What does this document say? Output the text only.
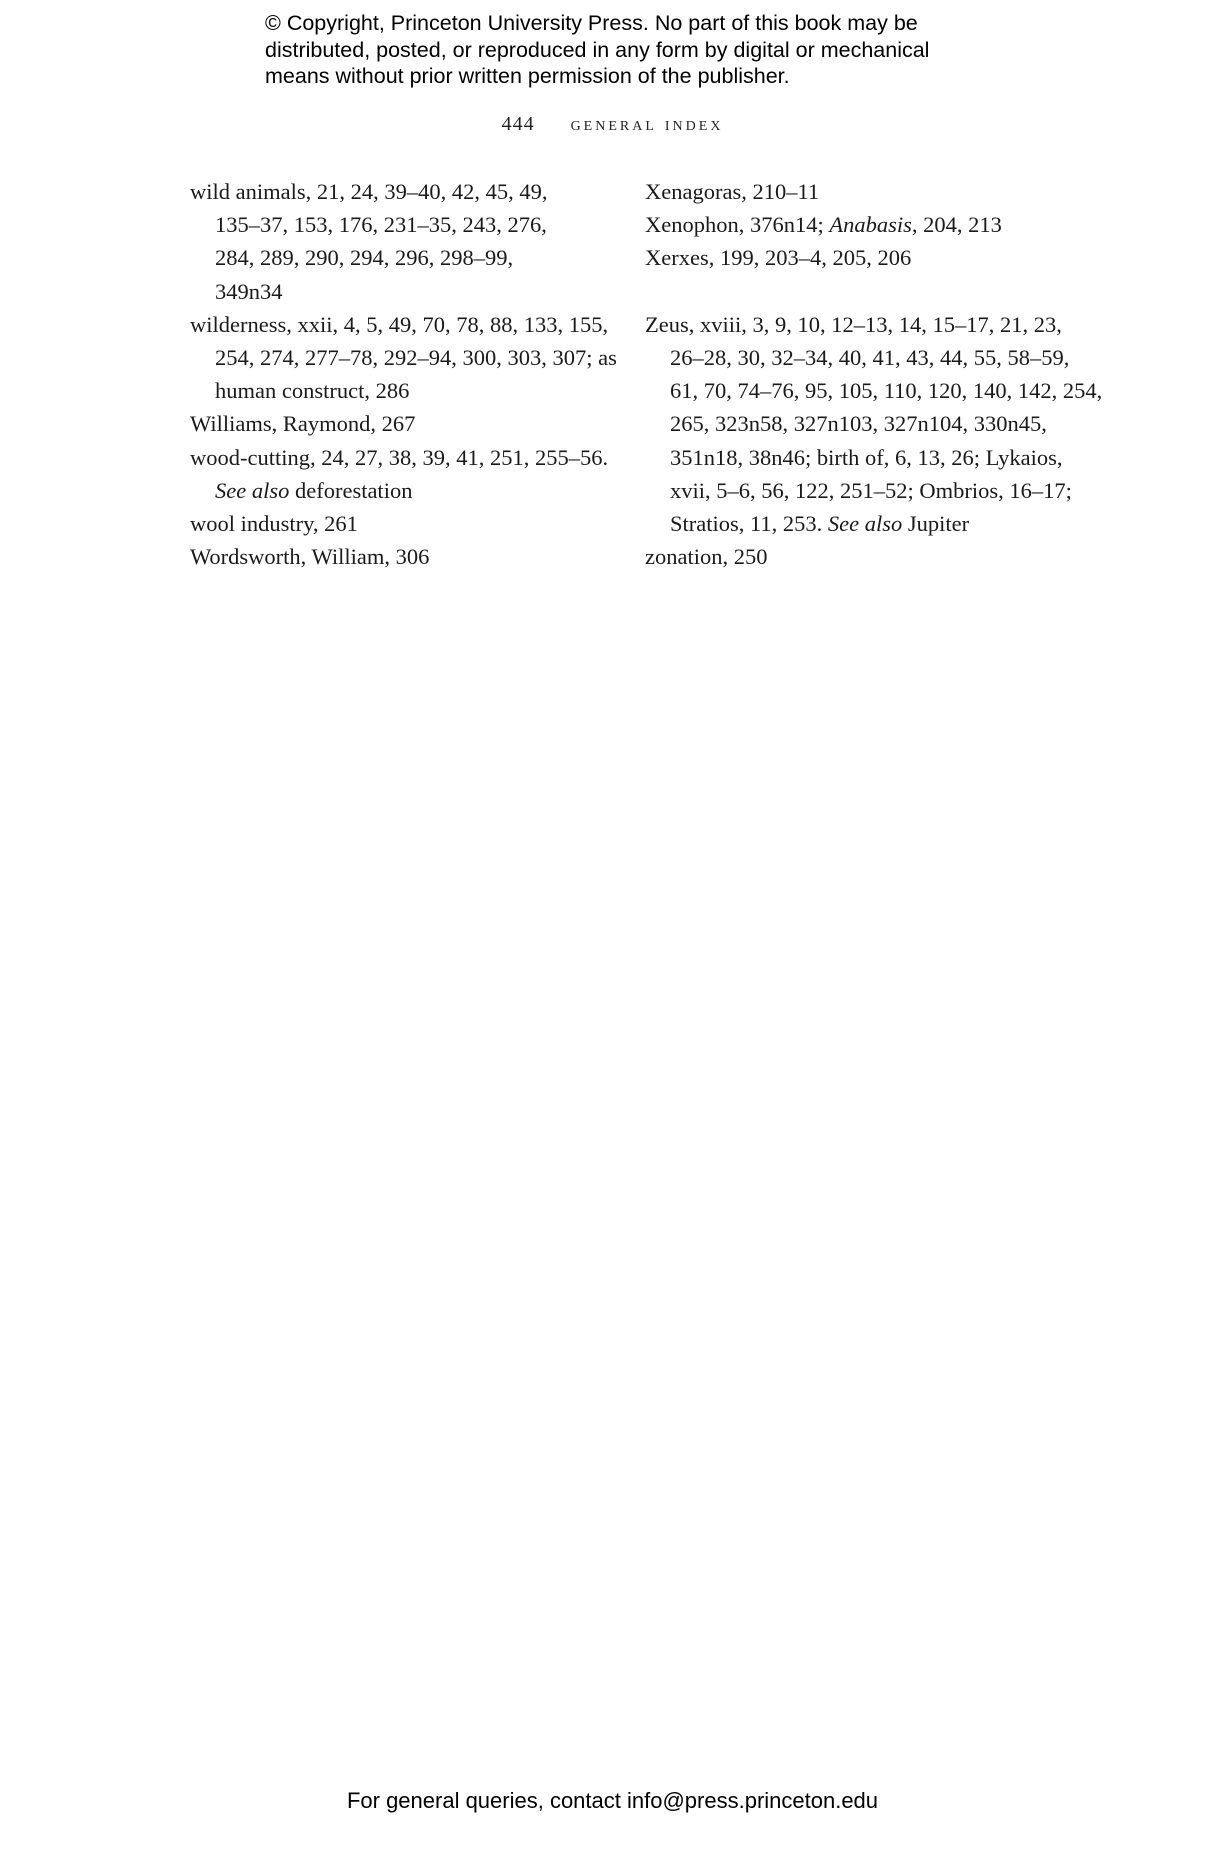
© Copyright, Princeton University Press. No part of this book may be
distributed, posted, or reproduced in any form by digital or mechanical
means without prior written permission of the publisher.
444 general index
wild animals, 21, 24, 39–40, 42, 45, 49,
135–37, 153, 176, 231–35, 243, 276,
284, 289, 290, 294, 296, 298–99,
349n34
wilderness, xxii, 4, 5, 49, 70, 78, 88, 133, 155,
254, 274, 277–78, 292–94, 300, 303, 307; as
human construct, 286
Williams, Raymond, 267
wood-cutting, 24, 27, 38, 39, 41, 251, 255–56.
See also deforestation
wool industry, 261
Wordsworth, William, 306
Xenagoras, 210–11
Xenophon, 376n14; Anabasis, 204, 213
Xerxes, 199, 203–4, 205, 206
Zeus, xviii, 3, 9, 10, 12–13, 14, 15–17, 21, 23,
26–28, 30, 32–34, 40, 41, 43, 44, 55, 58–59,
61, 70, 74–76, 95, 105, 110, 120, 140, 142, 254,
265, 323n58, 327n103, 327n104, 330n45,
351n18, 38n46; birth of, 6, 13, 26; Lykaios,
xvii, 5–6, 56, 122, 251–52; Ombrios, 16–17;
Stratios, 11, 253. See also Jupiter
zonation, 250
For general queries, contact info@press.princeton.edu
